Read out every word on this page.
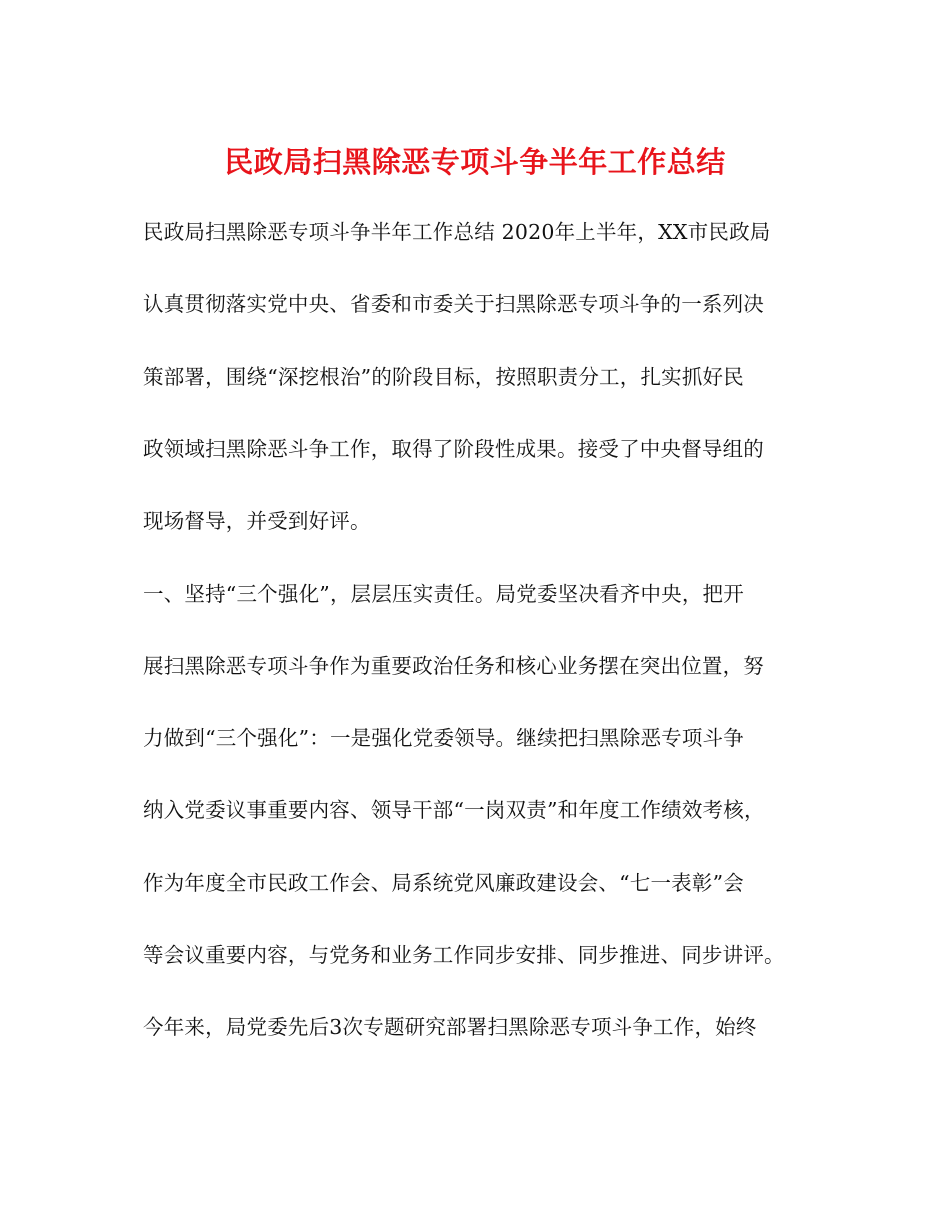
民政局扫黑除恶专项斗争半年工作总结
民政局扫黑除恶专项斗争半年工作总结 2020年上半年，XX市民政局
认真贯彻落实党中央、省委和市委关于扫黑除恶专项斗争的一系列决
策部署，围绕“深挖根治”的阶段目标，按照职责分工，扎实抓好民
政领域扫黑除恶斗争工作，取得了阶段性成果。接受了中央督导组的
现场督导，并受到好评。
一、坚持“三个强化”，层层压实责任。局党委坚决看齐中央，把开
展扫黑除恶专项斗争作为重要政治任务和核心业务摆在突出位置，努
力做到“三个强化”：一是强化党委领导。继续把扫黑除恶专项斗争
纳入党委议事重要内容、领导干部“一岗双责”和年度工作绩效考核，
作为年度全市民政工作会、局系统党风廉政建设会、“七一表彰”会
等会议重要内容，与党务和业务工作同步安排、同步推进、同步讲评。
今年来，局党委先后3次专题研究部署扫黑除恶专项斗争工作，始终
